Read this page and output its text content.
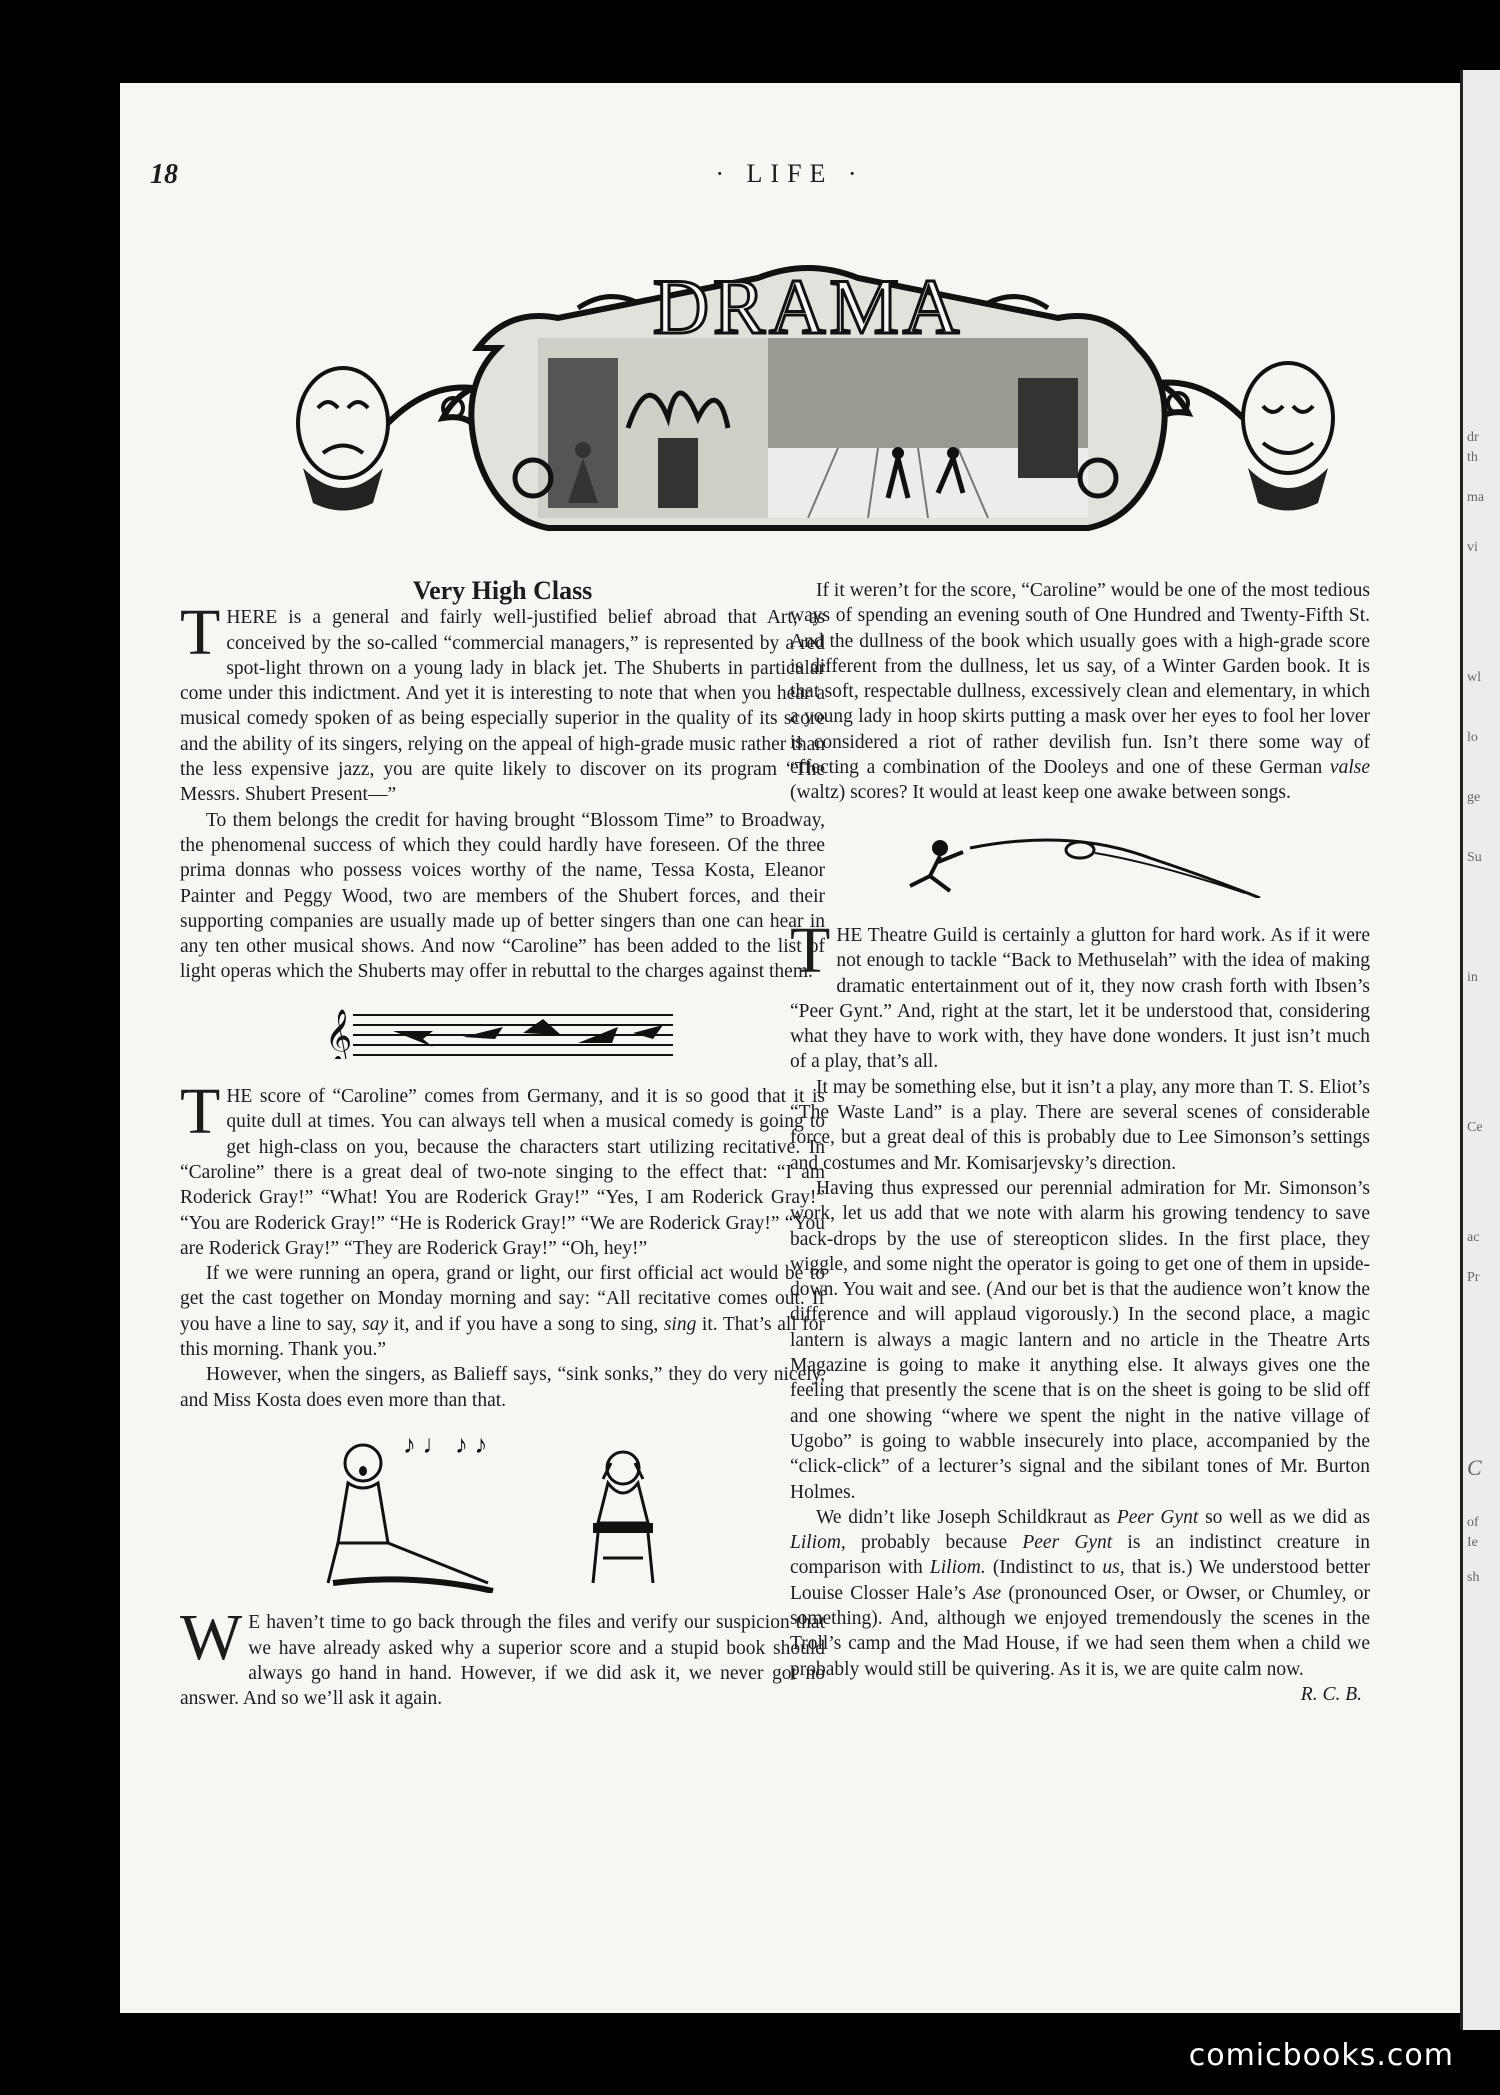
dr
th
ma
vi
wl
lo
ge
Su
in
Ce
ac
Pr
C
of
Ie
sh
18	· LIFE ·
DRAMA
Very High Class

THERE is a general and fairly well-justified belief abroad that Art, as conceived by the so-called “commercial managers,” is represented by a red spot-light thrown on a young lady in black jet. The Shuberts in particular come under this indictment. And yet it is interesting to note that when you hear a musical comedy spoken of as being especially superior in the quality of its score and the ability of its singers, relying on the appeal of high-grade music rather than the less expensive jazz, you are quite likely to discover on its program “The Messrs. Shubert Present—”

To them belongs the credit for having brought “Blossom Time” to Broadway, the phenomenal success of which they could hardly have foreseen. Of the three prima donnas who possess voices worthy of the name, Tessa Kosta, Eleanor Painter and Peggy Wood, two are members of the Shubert forces, and their supporting companies are usually made up of better singers than one can hear in any ten other musical shows. And now “Caroline” has been added to the list of light operas which the Shuberts may offer in rebuttal to the charges against them.

𝄞

THE score of “Caroline” comes from Germany, and it is so good that it is quite dull at times. You can always tell when a musical comedy is going to get high-class on you, because the characters start utilizing recitative. In “Caroline” there is a great deal of two-note singing to the effect that: “I am Roderick Gray!” “What! You are Roderick Gray!” “Yes, I am Roderick Gray!” “You are Roderick Gray!” “He is Roderick Gray!” “We are Roderick Gray!” “You are Roderick Gray!” “They are Roderick Gray!” “Oh, hey!”

If we were running an opera, grand or light, our first official act would be to get the cast together on Monday morning and say: “All recitative comes out. If you have a line to say, say it, and if you have a song to sing, sing it. That’s all for this morning. Thank you.”

However, when the singers, as Balieff says, “sink sonks,” they do very nicely, and Miss Kosta does even more than that.

♪ ♩ ♪ ♪

W E haven’t time to go back through the files and verify our suspicion that we have already asked why a superior score and a stupid book should always go hand in hand. However, if we did ask it, we never got no answer. And so we’ll ask it again.

If it weren’t for the score, “Caroline” would be one of the most tedious ways of spending an evening south of One Hundred and Twenty-Fifth St. And the dullness of the book which usually goes with a high-grade score is different from the dullness, let us say, of a Winter Garden book. It is that soft, respectable dullness, excessively clean and elementary, in which a young lady in hoop skirts putting a mask over her eyes to fool her lover is considered a riot of rather devilish fun. Isn’t there some way of effecting a combination of the Dooleys and one of these German valse (waltz) scores? It would at least keep one awake between songs.

THE Theatre Guild is certainly a glutton for hard work. As if it were not enough to tackle “Back to Methuselah” with the idea of making dramatic entertainment out of it, they now crash forth with Ibsen’s “Peer Gynt.” And, right at the start, let it be understood that, considering what they have to work with, they have done wonders. It just isn’t much of a play, that’s all.

It may be something else, but it isn’t a play, any more than T. S. Eliot’s “The Waste Land” is a play. There are several scenes of considerable force, but a great deal of this is probably due to Lee Simonson’s settings and costumes and Mr. Komisarjevsky’s direction.

Having thus expressed our perennial admiration for Mr. Simonson’s work, let us add that we note with alarm his growing tendency to save back-drops by the use of stereopticon slides. In the first place, they wiggle, and some night the operator is going to get one of them in upside-down. You wait and see. (And our bet is that the audience won’t know the difference and will applaud vigorously.) In the second place, a magic lantern is always a magic lantern and no article in the Theatre Arts Magazine is going to make it anything else. It always gives one the feeling that presently the scene that is on the sheet is going to be slid off and one showing “where we spent the night in the native village of Ugobo” is going to wabble insecurely into place, accompanied by the “click-click” of a lecturer’s signal and the sibilant tones of Mr. Burton Holmes.

We didn’t like Joseph Schildkraut as Peer Gynt so well as we did as Liliom, probably because Peer Gynt is an indistinct creature in comparison with Liliom. (Indistinct to us, that is.) We understood better Louise Closser Hale’s Ase (pronounced Oser, or Owser, or Chumley, or something). And, although we enjoyed tremendously the scenes in the Troll’s camp and the Mad House, if we had seen them when a child we probably would still be quivering. As it is, we are quite calm now.
R. C. B.

comicbooks.com
